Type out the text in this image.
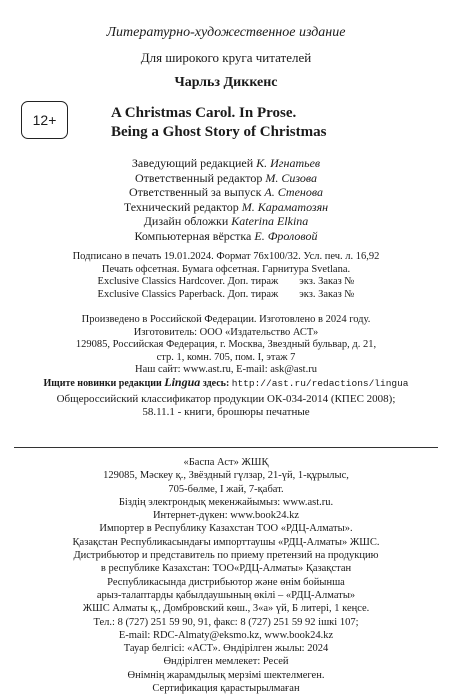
Литературно-художественное издание
Для широкого круга читателей
Чарльз Диккенс
12+	A Christmas Carol. In Prose.
Being a Ghost Story of Christmas
Заведующий редакцией К. Игнатьев
Ответственный редактор М. Сизова
Ответственный за выпуск А. Стенова
Технический редактор М. Караматозян
Дизайн обложки Katerina Elkina
Компьютерная вёрстка Е. Фроловой
Подписано в печать 19.01.2024. Формат 76х100/32. Усл. печ. л. 16,92
Печать офсетная. Бумага офсетная. Гарнитура Svetlana.
Exclusive Classics Hardcover. Доп. тираж        экз. Заказ №
Exclusive Classics Paperback. Доп. тираж        экз. Заказ №
Произведено в Российской Федерации. Изготовлено в 2024 году.
Изготовитель: ООО «Издательство АСТ»
129085, Российская Федерация, г. Москва, Звездный бульвар, д. 21,
стр. 1, комн. 705, пом. I, этаж 7
Наш сайт: www.ast.ru, E-mail: ask@ast.ru
Ищите новинки редакции Lingua здесь: http://ast.ru/redactions/lingua
Общероссийский классификатор продукции ОК-034-2014 (КПЕС 2008);
58.11.1 - книги, брошюры печатные
«Баспа Аст» ЖШҚ
129085, Мәскеу қ., Звёздный гүлзар, 21-үй, 1-құрылыс,
705-бөлме, I жай, 7-қабат.
Біздің электрондық мекенжайымыз: www.ast.ru.
Интернет-дүкен: www.book24.kz
Импортер в Республику Казахстан ТОО «РДЦ-Алматы».
Қазақстан Республикасындағы импорттаушы «РДЦ-Алматы» ЖШС.
Дистрибьютор и представитель по приему претензий на продукцию
в республике Казахстан: ТОО«РДЦ-Алматы» Қазақстан
Республикасында дистрибьютор және өнім бойынша
арыз-талаптарды қабылдаушының өкілі – «РДЦ-Алматы»
ЖШС Алматы қ., Домбровский көш., 3«а» үй, Б литері, 1 кеңсе.
Тел.: 8 (727) 251 59 90, 91, факс: 8 (727) 251 59 92 ішкі 107;
E-mail: RDC-Almaty@eksmo.kz, www.book24.kz
Тауар белгісі: «АСТ». Өндірілген жылы: 2024
Өндірілген мемлекет: Ресей
Өнімнің жарамдылық мерзімі шектелмеген.
Сертификация қарастырылмаған
